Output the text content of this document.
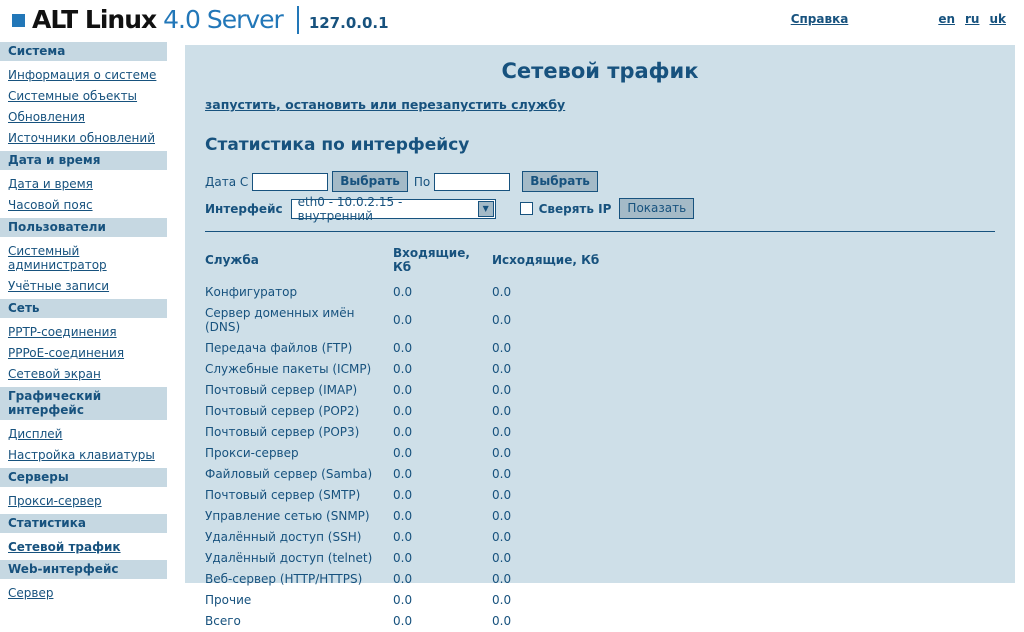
ALT Linux 4.0 Server 127.0.0.1	Справка	en ru uk
Система
Информация о системе
Системные объекты
Обновления
Источники обновлений
Дата и время
Дата и время
Часовой пояс
Пользователи
Системный администратор
Учётные записи
Сеть
PPTP-соединения
PPPoE-соединения
Сетевой экран
Графический интерфейс
Дисплей
Настройка клавиатуры
Серверы
Прокси-сервер
Статистика
Сетевой трафик
Web-интерфейс
Сервер
Сетевой трафик
запустить, остановить или перезапустить службу
Статистика по интерфейсу
Дата С	Выбрать	По	Выбрать
Интерфейс eth0 - 10.0.2.15 - внутренний	▼	Сверять IP	Показать
Служба	Входящие, Кб	Исходящие, Кб
Конфигуратор	0.0	0.0
Сервер доменных имён (DNS)	0.0	0.0
Передача файлов (FTP)	0.0	0.0
Служебные пакеты (ICMP)	0.0	0.0
Почтовый сервер (IMAP)	0.0	0.0
Почтовый сервер (POP2)	0.0	0.0
Почтовый сервер (POP3)	0.0	0.0
Прокси-сервер	0.0	0.0
Файловый сервер (Samba)	0.0	0.0
Почтовый сервер (SMTP)	0.0	0.0
Управление сетью (SNMP)	0.0	0.0
Удалённый доступ (SSH)	0.0	0.0
Удалённый доступ (telnet)	0.0	0.0
Веб-сервер (HTTP/HTTPS)	0.0	0.0
Прочие	0.0	0.0
Всего	0.0	0.0
